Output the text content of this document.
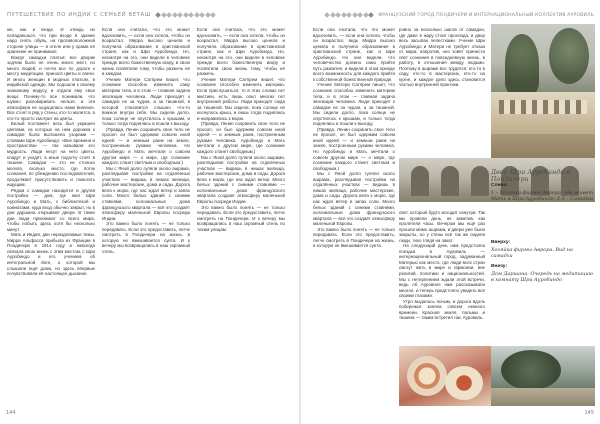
ПУТЕШЕСТВИЕ ПО ИНДИИ С СЕМЬЕЙ ВЕТАШ	ФРАНЦУЗСКИЙ ГОРОД ПОНДИЧЕРИ И ИНТЕРНАЦИОНАЛЬНЫЙ КОЛЛЕКТИВ АУРОВИЛЬ

же, как и везде. И отведь не попадаешься, что при входе в здание надо снять обувь, на противоположной стороне улицы — в отеле или у храма её хранение не принимают.

Вокруг самадхи платья: все дворик зодчим было не очень много мест, но много людей, и почти все по дороге к месту медитации, принося цветы и свечи. И много женщин в модных платьях, в индийской одежде. Мы подошли к своему знакомому индусу, и отдали ему свои вещи. Почему-то все понимали, что шумно разговаривать нельзя, и эта атмосфера не ощущалась нами вначале. Все стоят в ряд у стены, кто-то молится, а кто-то просто смотрит на цветы.

Белый постамент весь был украшен цветами, из которых на нем дорожка к самадхи была выложена узорами — словами Шри Ауробиндо: «Вне времени и пространства» — так называли его мудрость. Люди несут на него цветы, кладут и уходят, а иные подолгу стоят в тишине. Самадхи — это не столько могила, сколько место, где поток сознания, по убеждению последователей, продолжает присутствовать и помогать ищущим.

Рядом с самадхи находится и другая постройка — дом, где жил Шри Ауробиндо и Мать, с библиотекой и комнатами, куда вход обычно закрыт, но в дни даршана открывают двери. В такие дни люди приезжают со всего мира, чтобы побыть здесь хотя бы несколько минут.

Мать и Индия, две неразделимые темы. Мирра Альфасса прибыла из Франции в Пондичери в 1914 году и навсегда связала свою жизнь с этим местом, с Шри Ауробиндо и его учением об интегральной йоге, о которой мы слышали ещё дома, но здесь впервые почувствовали её настоящее дыхание.

Если она считала, что это может вдохновить, — если она хотела, чтобы он возрастал. Мирра высоко ценила и получила образование в христианской стране, как и Шри Ауробиндо. Но, несмотря на это, они видели в человеке прежде всего божественную искру, и свою жизнь посвятили тому, чтобы разжечь её в каждом.

Учение Матери Сатпрем пишет, что сознание способно изменить саму материю тела, и в этом — главная задача эволюции человека. Люди приходят к самадхи не за чудом, а за тишиной, в которой становится слышно что-то важное внутри себя. Мы сидели долго, пока солнце не опустилось к крышам, и только тогда поднялись и пошли к выходу.

(Правда, Ленин сохранить свое тело не просил он был одержим совсем иной идеей — и земным раем на земле, построенным руками человека. Но Ауробиндо и Мать мечтали о совсем другом мире — о мире, где сознание каждого станет светлым и свободным.)

Мы с Яной долго гуляли около ашрама, разглядывая постройки на отдалённых участках — видишь в нишах жилища, рабочие мастерские, дома и сады. Дорога вела к морю, где нас ждал ветер и запах соли. Много белых зданий с синими ставнями, колониальные дома французского квартала — всё это создаёт атмосферу маленькой Европы посреди Индии.

Это важно было понять — не только передавать. Если это предоставить, легче смотреть в Пондичери на жизнь, в которую не вмешивается суета. И к вечеру мы возвращались в наш скромный отель.

Если она считала, что это может вдохновить, — если она хотела, чтобы он возрастал. Мирра высоко ценила и получила образование в христианской стране, как и Шри Ауробиндо. Но, несмотря на это, они видели в человеке прежде всего божественную искру и посвятили свою жизнь тому, чтобы её разжечь.

Учение Матери Сатпрем пишет, что сознание способно изменить материю. Если прислушаться, то в этих словах нет мистики, есть лишь опыт многих лет внутренней работы. Люди приходят сюда за тишиной. Мы сидели, пока солнце не коснулось крыш, и лишь тогда поднялись и направились к морю.

(Правда, Ленин сохранить свое тело не просил, он был одержим совсем иной идеей — и земным раем, построенным руками человека. Ауробиндо и Мать мечтали о другом мире, где сознание каждого станет свободным.)

Мы с Яной долго гуляли около ашрама, разглядывая постройки на отдалённых участках — видишь в нишах жилища, рабочие мастерские, дома и сады. Дорога вела к морю, где нас ждал ветер. Много белых зданий с синими ставнями — колониальные дома французского квартала создают атмосферу маленькой Европы посреди Индии.

Это важно было понять — не только передавать. Если это предоставить, легче смотреть на Пондичери. И к вечеру мы возвращались в наш скромный отель по тихим улицам.

Если она считала, что это может вдохновить, — если она хотела, чтобы он возрастал, ведь Мирра высоко ценила и получила образование в христианской стране, как и Шри Ауробиндо. Но они видели, что человечество должно само пройти путь развития, и видели в этом прежде всего возможность для каждого прийти к собственной божественной природе.

Учение Матери Сатпрем пишет, что сознание способно изменить материю тела, и в этом — главная задача эволюции человека. Люди приходят к самадхи не за чудом, а за тишиной. Мы сидели долго, пока солнце не опустилось к крышам, и только тогда поднялись и пошли к выходу.

(Правда, Ленин сохранить свое тело не просил, он был одержим совсем иной идеей — и земным раем на земле, построенным руками человека. Но Ауробиндо и Мать мечтали о совсем другом мире — о мире, где сознание каждого станет светлым и свободным.)

Мы с Яной долго гуляли около ашрама, разглядывая постройки на отдалённых участках — видишь в нишах жилища, рабочие мастерские, дома и сады. Дорога вела к морю, где нас ждал ветер и запах соли. Много белых зданий с синими ставнями, колониальные дома французского квартала — всё это создаёт атмосферу маленькой Европы.

Это важно было понять — не только передавать. Если это предоставить, легче смотреть в Пондичери на жизнь, в которую не вмешивается суета.

ровно за несколько шагов от самадхи, где даже в жару стоит прохлада, и двор весь засыпан лепестками. Учение Шри Ауробиндо и Матери не требует отказа от мира; напротив, оно зовёт принести свет сознания в повседневную жизнь, в работу, в отношения между людьми. Поэтому в ашраме все трудятся: кто-то в саду, кто-то в мастерских, кто-то на кухне, и каждое дело здесь становится частью внутренней практики.

Двор Шри Ауробиндо в Пондичери

свет, который будто исходит изнутри. Так мы провели день, не заметив, как пролетели часы. Вечером мы ещё раз прошли мимо ашрама, и двери уже были закрыты, но у стены всё так же сидели люди, тихо глядя на закат.

На следующий день нам предстояла поездка в Ауровиль — интернациональный город, задуманный Матерью как место, где люди всех стран смогут жить в мире и гармонии, вне религий, политики и национальностей. Мы с нетерпением ждали этой встречи, ведь об Ауровиле нам рассказывали многое, и теперь предстояло увидеть всё своими глазами.

Утро выдалось ясным, и дорога вдоль побережья заняла совсем немного времени. Красная земля, пальмы и тишина — таким встретил нас Ауровиль.

Слева:
1 – Хозяйка фирмы Аврора, где живет Мать в Шри Ауробиндо; 2-5 – Самадхи
Вверху:
Хозяйка фирмы Аврора. Вид на самадхи
Внизу:
Дом Даршана. Очередь на медитацию в комнату Шри Ауробиндо
144	145
